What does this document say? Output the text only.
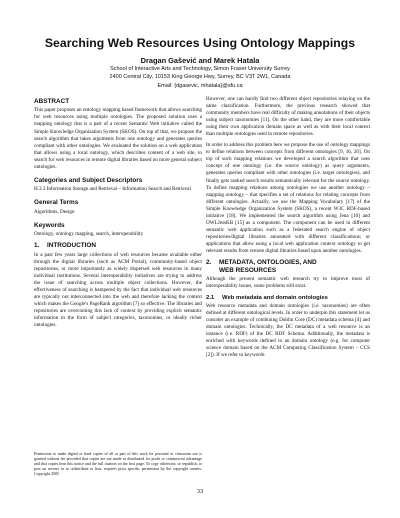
Searching Web Resources Using Ontology Mappings
Dragan Gašević and Marek Hatala
School of Interactive Arts and Technology, Simon Fraser University Surrey
2400 Central City, 10153 King George Hwy, Surrey, BC V3T 2W1, Canada
Email: {dgasevic, mhatala}@sfu.ca
ABSTRACT

This paper proposes an ontology mapping based framework that allows searching for web resources using multiple ontologies. The proposed solution uses a mapping ontology that is a part of a recent Semantic Web initiative called the Simple Knowledge Organization System (SKOS). On top of that, we propose the search algorithm that takes arguments from one ontology and generates queries compliant with other ontologies. We evaluated the solution on a web application that allows using a local ontology, which describes content of a web site, to search for web resources in remote digital libraries based on more general subject ontologies.

Categories and Subject Descriptors

H.3.3 Information Storage and Retrieval – Information Search and Retrieval

General Terms

Algorithms, Design

Keywords

Ontology, ontology mapping, search, interoperability

1.	INTRODUCTION

In a past few years large collections of web resources became available either through the digital libraries (such as ACM Portal), community-based object repositories, or more importantly as widely dispersed web resources in many individual institutions. Several interoperability initiatives are trying to address the issue of searching across multiple object collections. However, the effectiveness of searching is hampered by the fact that individual web resources are typically not interconnected into the web and therefore lacking the context which makes the Google's PageRank algorithm [7] so effective. The libraries and repositories are overcoming this lack of context by providing explicit semantic information in the form of subject categories, taxonomies, or ideally richer ontologies.

Permission to make digital or hard copies of all or part of this work for personal or classroom use is granted without fee provided that copies are not made or distributed for profit or commercial advantage and that copies bear this notice and the full citation on the first page. To copy otherwise, or republish, to post on servers or to redistribute to lists, requires prior specific permission by the copyright owners. Copyright 2005

However, one can hardly find two different object repositories relaying on the same classification. Furthermore, the previous research showed that community members have real difficulty of making annotations of their objects using subject taxonomies [11]. On the other hand, they are more comfortable using their own application domain space as well as with their local context than multiple ontologies used in remote repositories.

In order to address this problem here we propose the use of ontology mappings to define relations between concepts from different ontologies [9, 16, 20]. On top of such mapping relations we developed a search algorithm that uses concept of one ontology (i.e. the source ontology) as query arguments, generates queries compliant with other ontologies (i.e. target ontologies), and finally gets ranked search results semantically relevant for the source ontology. To define mapping relations among ontologies we use another ontology – mapping ontology – that specifies a set of relations for relating concepts from different ontologies. Actually, we use the Mapping Vocabulary [17] of the Simple Knowledge Organization System (SKOS), a recent W3C RDF-based initiative [18]. We implemented the search algorithm using Jena [10] and OWLJessKB [15] as a component. The component can be used in different semantic web application such as a federated search engine of object repositories/digital libraries annotated with different classifications; or applications that allow using a local web application context ontology to get relevant results from remote digital libraries based upon another ontologies.

2.	METADATA, ONTOLOGIES, AND
WEB RESOURCES

Although the present semantic web research try to improve most of interoperability issues, some problems still exist.

2.1	Web metadata and domain ontologies

Web resource metadata and domain ontologies (i.e. taxonomies) are often defined at different ontological levels. In order to underpin this statement let us consider an example of combining Dublin Core (DC) metadata schema [4] and domain ontologies. Technically, the DC metadata of a web resource is an instance (i.e. RDF) of the DC RDF Schema. Additionally, the metadata is enriched with keywords defined in an domain ontology (e.g. for computer science domain based on the ACM Computing Classification System – CCS [2]). If we refer to keywords

33
